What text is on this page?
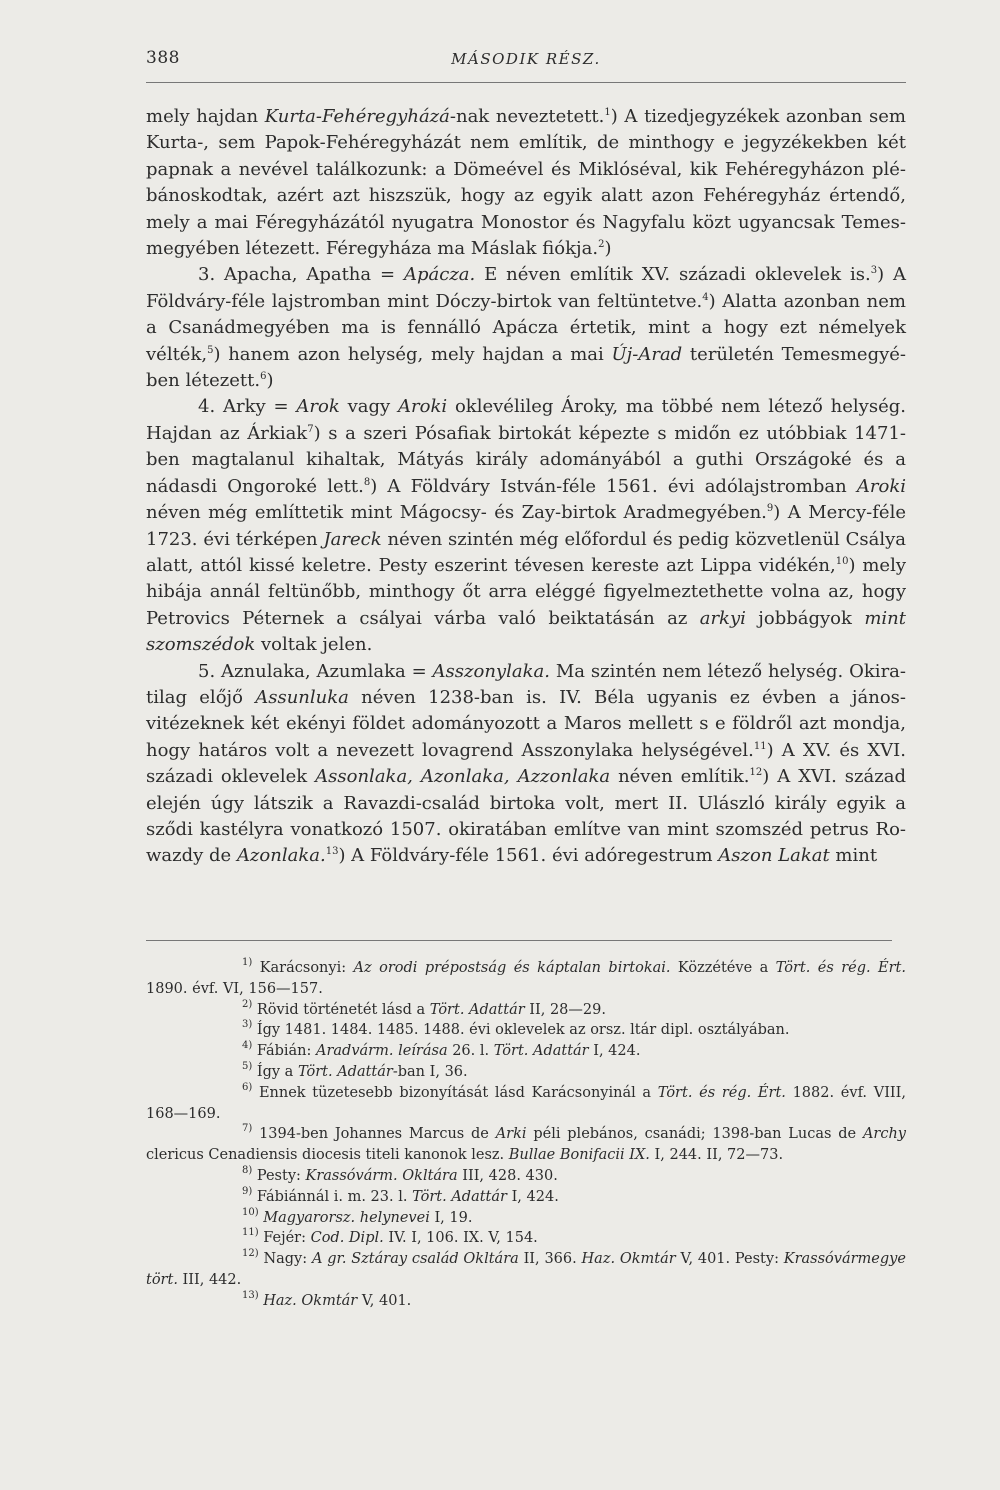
388	MÁSODIK RÉSZ.

mely hajdan Kurta-Fehéregyházá-nak neveztetett.$^1$) A tizedjegyzékek azonban sem Kurta-, sem Papok-Fehéregyházát nem említik, de minthogy e jegyzékekben két papnak a nevével találkozunk: a Dömeével és Miklóséval, kik Fehéregyházon plébánoskodtak, azért azt hiszszük, hogy az egyik alatt azon Fehéregyház értendő, mely a mai Féregyházától nyugatra Monostor és Nagyfalu közt ugyancsak Temesmegyében létezett. Féregyháza ma Máslak fiókja.$^2$)

3. Apacha, Apatha = Apácza. E néven említik XV. századi oklevelek is.$^3$) A Földváry-féle lajstromban mint Dóczy-birtok van feltüntetve.$^4$) Alatta azonban nem a Csanádmegyében ma is fennálló Apácza értetik, mint a hogy ezt némelyek vélték,$^5$) hanem azon helység, mely hajdan a mai Új-Arad területén Temesmegyében létezett.$^6$)

4. Arky = Arok vagy Aroki oklevélileg Ároky, ma többé nem létező helység. Hajdan az Árkiak$^7$) s a szeri Pósafiak birtokát képezte s midőn ez utóbbiak 1471-ben magtalanul kihaltak, Mátyás király adományából a guthi Országoké és a nádasdi Ongoroké lett.$^8$) A Földváry István-féle 1561. évi adólajstromban Aroki néven még említtetik mint Mágocsy- és Zay-birtok Aradmegyében.$^9$) A Mercy-féle 1723. évi térképen Jareck néven szintén még előfordul és pedig közvetlenül Csálya alatt, attól kissé keletre. Pesty eszerint tévesen kereste azt Lippa vidékén,$^{10}$) mely hibája annál feltünőbb, minthogy őt arra eléggé figyelmeztethette volna az, hogy Petrovics Péternek a csályai várba való beiktatásán az arkyi jobbágyok mint szomszédok voltak jelen.

5. Aznulaka, Azumlaka = Asszonylaka. Ma szintén nem létező helység. Okiratilag előjő Assunluka néven 1238-ban is. IV. Béla ugyanis ez évben a jánosvitézeknek két ekényi földet adományozott a Maros mellett s e földről azt mondja, hogy határos volt a nevezett lovagrend Asszonylaka helységével.$^{11}$) A XV. és XVI. századi oklevelek Assonlaka, Azonlaka, Azzonlaka néven említik.$^{12}$) A XVI. század elején úgy látszik a Ravazdi-család birtoka volt, mert II. Ulászló király egyik a sződi kastélyra vonatkozó 1507. okiratában említve van mint szomszéd petrus Rowazdy de Azonlaka.$^{13}$) A Földváry-féle 1561. évi adóregestrum Aszon Lakat mint

$^{1)}$ Karácsonyi: Az orodi prépostság és káptalan birtokai. Közzétéve a Tört. és rég. Ért. 1890. évf. VI, 156—157.

$^{2)}$ Rövid történetét lásd a Tört. Adattár II, 28—29.

$^{3)}$ Így 1481. 1484. 1485. 1488. évi oklevelek az orsz. ltár dipl. osztályában.

$^{4)}$ Fábián: Aradvárm. leírása 26. l. Tört. Adattár I, 424.

$^{5)}$ Így a Tört. Adattár-ban I, 36.

$^{6)}$ Ennek tüzetesebb bizonyítását lásd Karácsonyinál a Tört. és rég. Ért. 1882. évf. VIII, 168—169.

$^{7)}$ 1394-ben Johannes Marcus de Arki péli plebános, csanádi; 1398-ban Lucas de Archy clericus Cenadiensis diocesis titeli kanonok lesz. Bullae Bonifacii IX. I, 244. II, 72—73.

$^{8)}$ Pesty: Krassóvárm. Okltára III, 428. 430.

$^{9)}$ Fábiánnál i. m. 23. l. Tört. Adattár I, 424.

$^{10)}$ Magyarorsz. helynevei I, 19.

$^{11)}$ Fejér: Cod. Dipl. IV. I, 106. IX. V, 154.

$^{12)}$ Nagy: A gr. Sztáray család Okltára II, 366. Haz. Okmtár V, 401. Pesty: Krassóvármegye tört. III, 442.

$^{13)}$ Haz. Okmtár V, 401.
